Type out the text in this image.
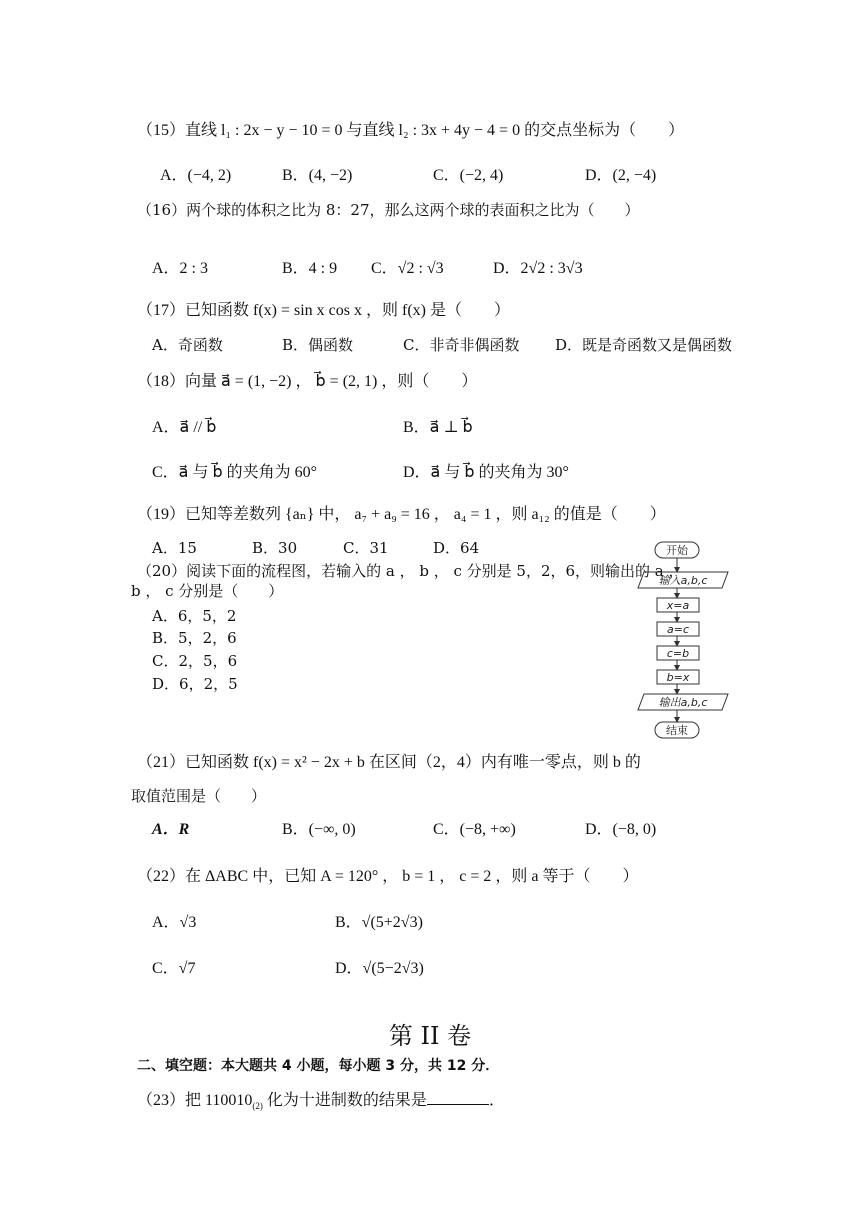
（15）直线 l₁ : 2x − y − 10 = 0 与直线 l₂ : 3x + 4y − 4 = 0 的交点坐标为（　　）
A．(−4, 2)	B．(4, −2)	C．(−2, 4)	D．(2, −4)
（16）两个球的体积之比为 8：27，那么这两个球的表面积之比为（　　）
A．2 : 3	B．4 : 9 C．√2 : √3	D．2√2 : 3√3
（17）已知函数 f(x) = sin x cos x ，则 f(x) 是（　　）
A．奇函数	B．偶函数	C．非奇非偶函数 D．既是奇函数又是偶函数
（18）向量 a⃗ = (1, −2) ， b⃗ = (2, 1) ，则（　　）
A．a⃗ // b⃗	B．a⃗ ⊥ b⃗
C．a⃗ 与 b⃗ 的夹角为 60°	D．a⃗ 与 b⃗ 的夹角为 30°
（19）已知等差数列 {aₙ} 中， a₇ + a₉ = 16 ， a₄ = 1 ，则 a₁₂ 的值是（　　）
A．15	B．30	C．31	D．64
（20）阅读下面的流程图，若输入的 a ， b ， c 分别是 5，2，6，则输出的 a ，
b ， c 分别是（　　）
A．6，5，2
B．5，2，6
C．2，5，6
D．6，2，5
开始
输入a,b,c
x=a
a=c
c=b
b=x
输出a,b,c
结束
（21）已知函数 f(x) = x² − 2x + b 在区间（2，4）内有唯一零点，则 b 的
取值范围是（　　）
A．R	B．(−∞, 0)	C．(−8, +∞)	D．(−8, 0)
（22）在 ΔABC 中，已知 A = 120° ， b = 1 ， c = 2 ，则 a 等于（　　）
A．√3	B．√(5+2√3)
C．√7	D．√(5−2√3)
第 II 卷
二、填空题：本大题共 4 小题，每小题 3 分，共 12 分．
（23）把 $110010_{(2)}$ 化为十进制数的结果是	．
